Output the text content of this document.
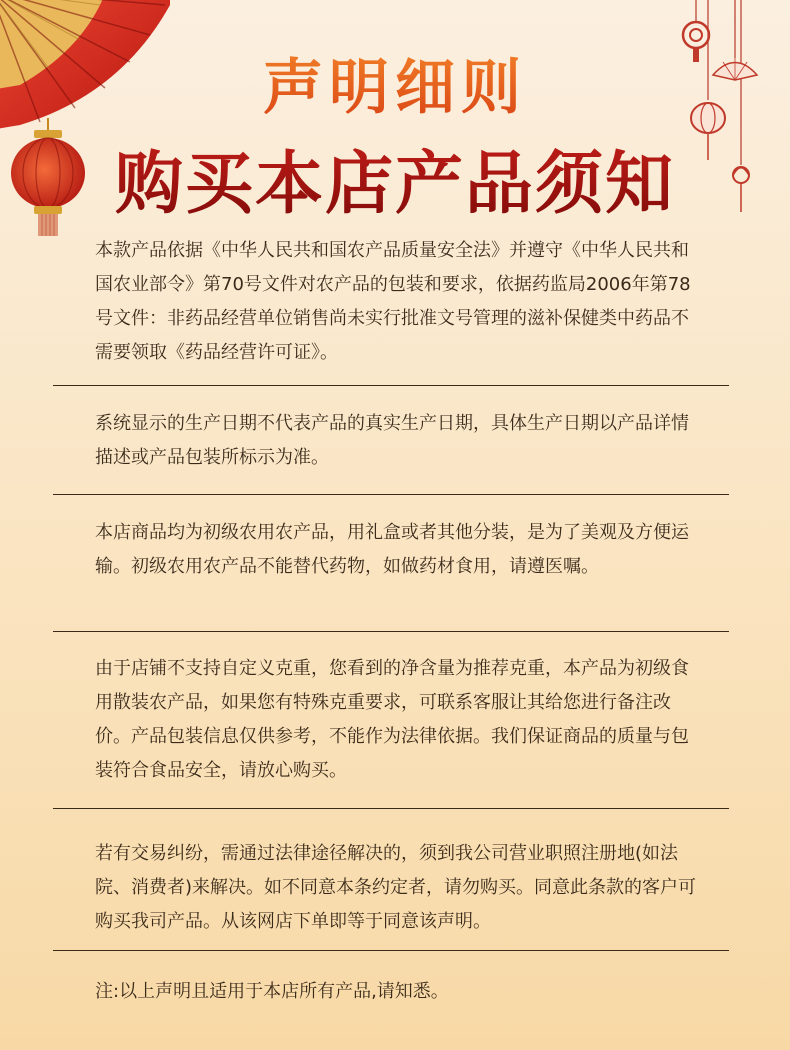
声明细则
购买本店产品须知

本款产品依据《中华人民共和国农产品质量安全法》并遵守《中华人民共和国农业部令》第70号文件对农产品的包装和要求，依据药监局2006年第78号文件：非药品经营单位销售尚未实行批准文号管理的滋补保健类中药品不需要领取《药品经营许可证》。

系统显示的生产日期不代表产品的真实生产日期，具体生产日期以产品详情描述或产品包装所标示为准。

本店商品均为初级农用农产品，用礼盒或者其他分装，是为了美观及方便运输。初级农用农产品不能替代药物，如做药材食用，请遵医嘱。

由于店铺不支持自定义克重，您看到的净含量为推荐克重，本产品为初级食用散装农产品，如果您有特殊克重要求，可联系客服让其给您进行备注改价。产品包装信息仅供参考，不能作为法律依据。我们保证商品的质量与包装符合食品安全，请放心购买。

若有交易纠纷，需通过法律途径解决的，须到我公司营业职照注册地(如法院、消费者)来解决。如不同意本条约定者，请勿购买。同意此条款的客户可购买我司产品。从该网店下单即等于同意该声明。

注:以上声明且适用于本店所有产品,请知悉。
